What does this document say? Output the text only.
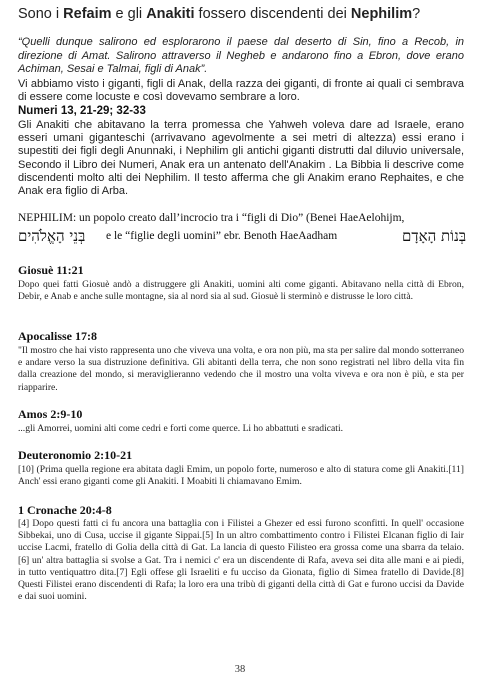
Sono i Refaim e gli Anakiti fossero discendenti dei Nephilim?
“Quelli dunque salirono ed esplorarono il paese dal deserto di Sin, fino a Recob, in direzione di Amat. Salirono attraverso il Negheb e andarono fino a Ebron, dove erano Achiman, Sesai e Talmai, figli di Anak”.
Vi abbiamo visto i giganti, figli di Anak, della razza dei giganti, di fronte ai quali ci sembrava di essere come locuste e così dovevamo sembrare a loro.
Numeri 13, 21-29; 32-33
Gli Anakiti che abitavano la terra promessa che Yahweh voleva dare ad Israele, erano esseri umani giganteschi (arrivavano agevolmente a sei metri di altezza) essi erano i supestiti dei figli degli Anunnaki, i Nephilim gli antichi giganti distrutti dal diluvio universale, Secondo il Libro dei Numeri, Anak era un antenato dell'Anakim . La Bibbia li descrive come discendenti molto alti dei Nephilim. Il testo afferma che gli Anakim erano Rephaites, e che Anak era figlio di Arba.
NEPHILIM: un popolo creato dall’incrocio tra i “figli di Dio” (Benei HaeAelohijm,
בְּנֵי הָאֱלֹהִים e le “figlie degli uomini” ebr. Benoth HaeAadham	בְּנוֹת הָאָדָם
Giosuè 11:21
Dopo quei fatti Giosuè andò a distruggere gli Anakiti, uomini alti come giganti. Abitavano nella città di Ebron, Debir, e Anab e anche sulle montagne, sia al nord sia al sud. Giosuè li sterminò e distrusse le loro città.
Apocalisse 17:8
"Il mostro che hai visto rappresenta uno che viveva una volta, e ora non più, ma sta per salire dal mondo sotterraneo e andare verso la sua distruzione definitiva. Gli abitanti della terra, che non sono registrati nel libro della vita fin dalla creazione del mondo, si meraviglieranno vedendo che il mostro una volta viveva e ora non è più, e sta per riapparire.
Amos 2:9-10
...gli Amorrei, uomini alti come cedri e forti come querce. Li ho abbattuti e sradicati.
Deuteronomio 2:10-21
[10] (Prima quella regione era abitata dagli Emim, un popolo forte, numeroso e alto di statura come gli Anakiti.[11] Anch' essi erano giganti come gli Anakiti. I Moabiti li chiamavano Emim.
1 Cronache 20:4-8
[4] Dopo questi fatti ci fu ancora una battaglia con i Filistei a Ghezer ed essi furono sconfitti. In quell' occasione Sibbekai, uno di Cusa, uccise il gigante Sippai.[5] In un altro combattimento contro i Filistei Elcanan figlio di Iair uccise Lacmi, fratello di Golia della città di Gat. La lancia di questo Filisteo era grossa come una sbarra da telaio.[6] un' altra battaglia si svolse a Gat. Tra i nemici c' era un discendente di Rafa, aveva sei dita alle mani e ai piedi, in tutto ventiquattro dita.[7] Egli offese gli Israeliti e fu ucciso da Gionata, figlio di Simea fratello di Davide.[8] Questi Filistei erano discendenti di Rafa; la loro era una tribù di giganti della città di Gat e furono uccisi da Davide e dai suoi uomini.
38
